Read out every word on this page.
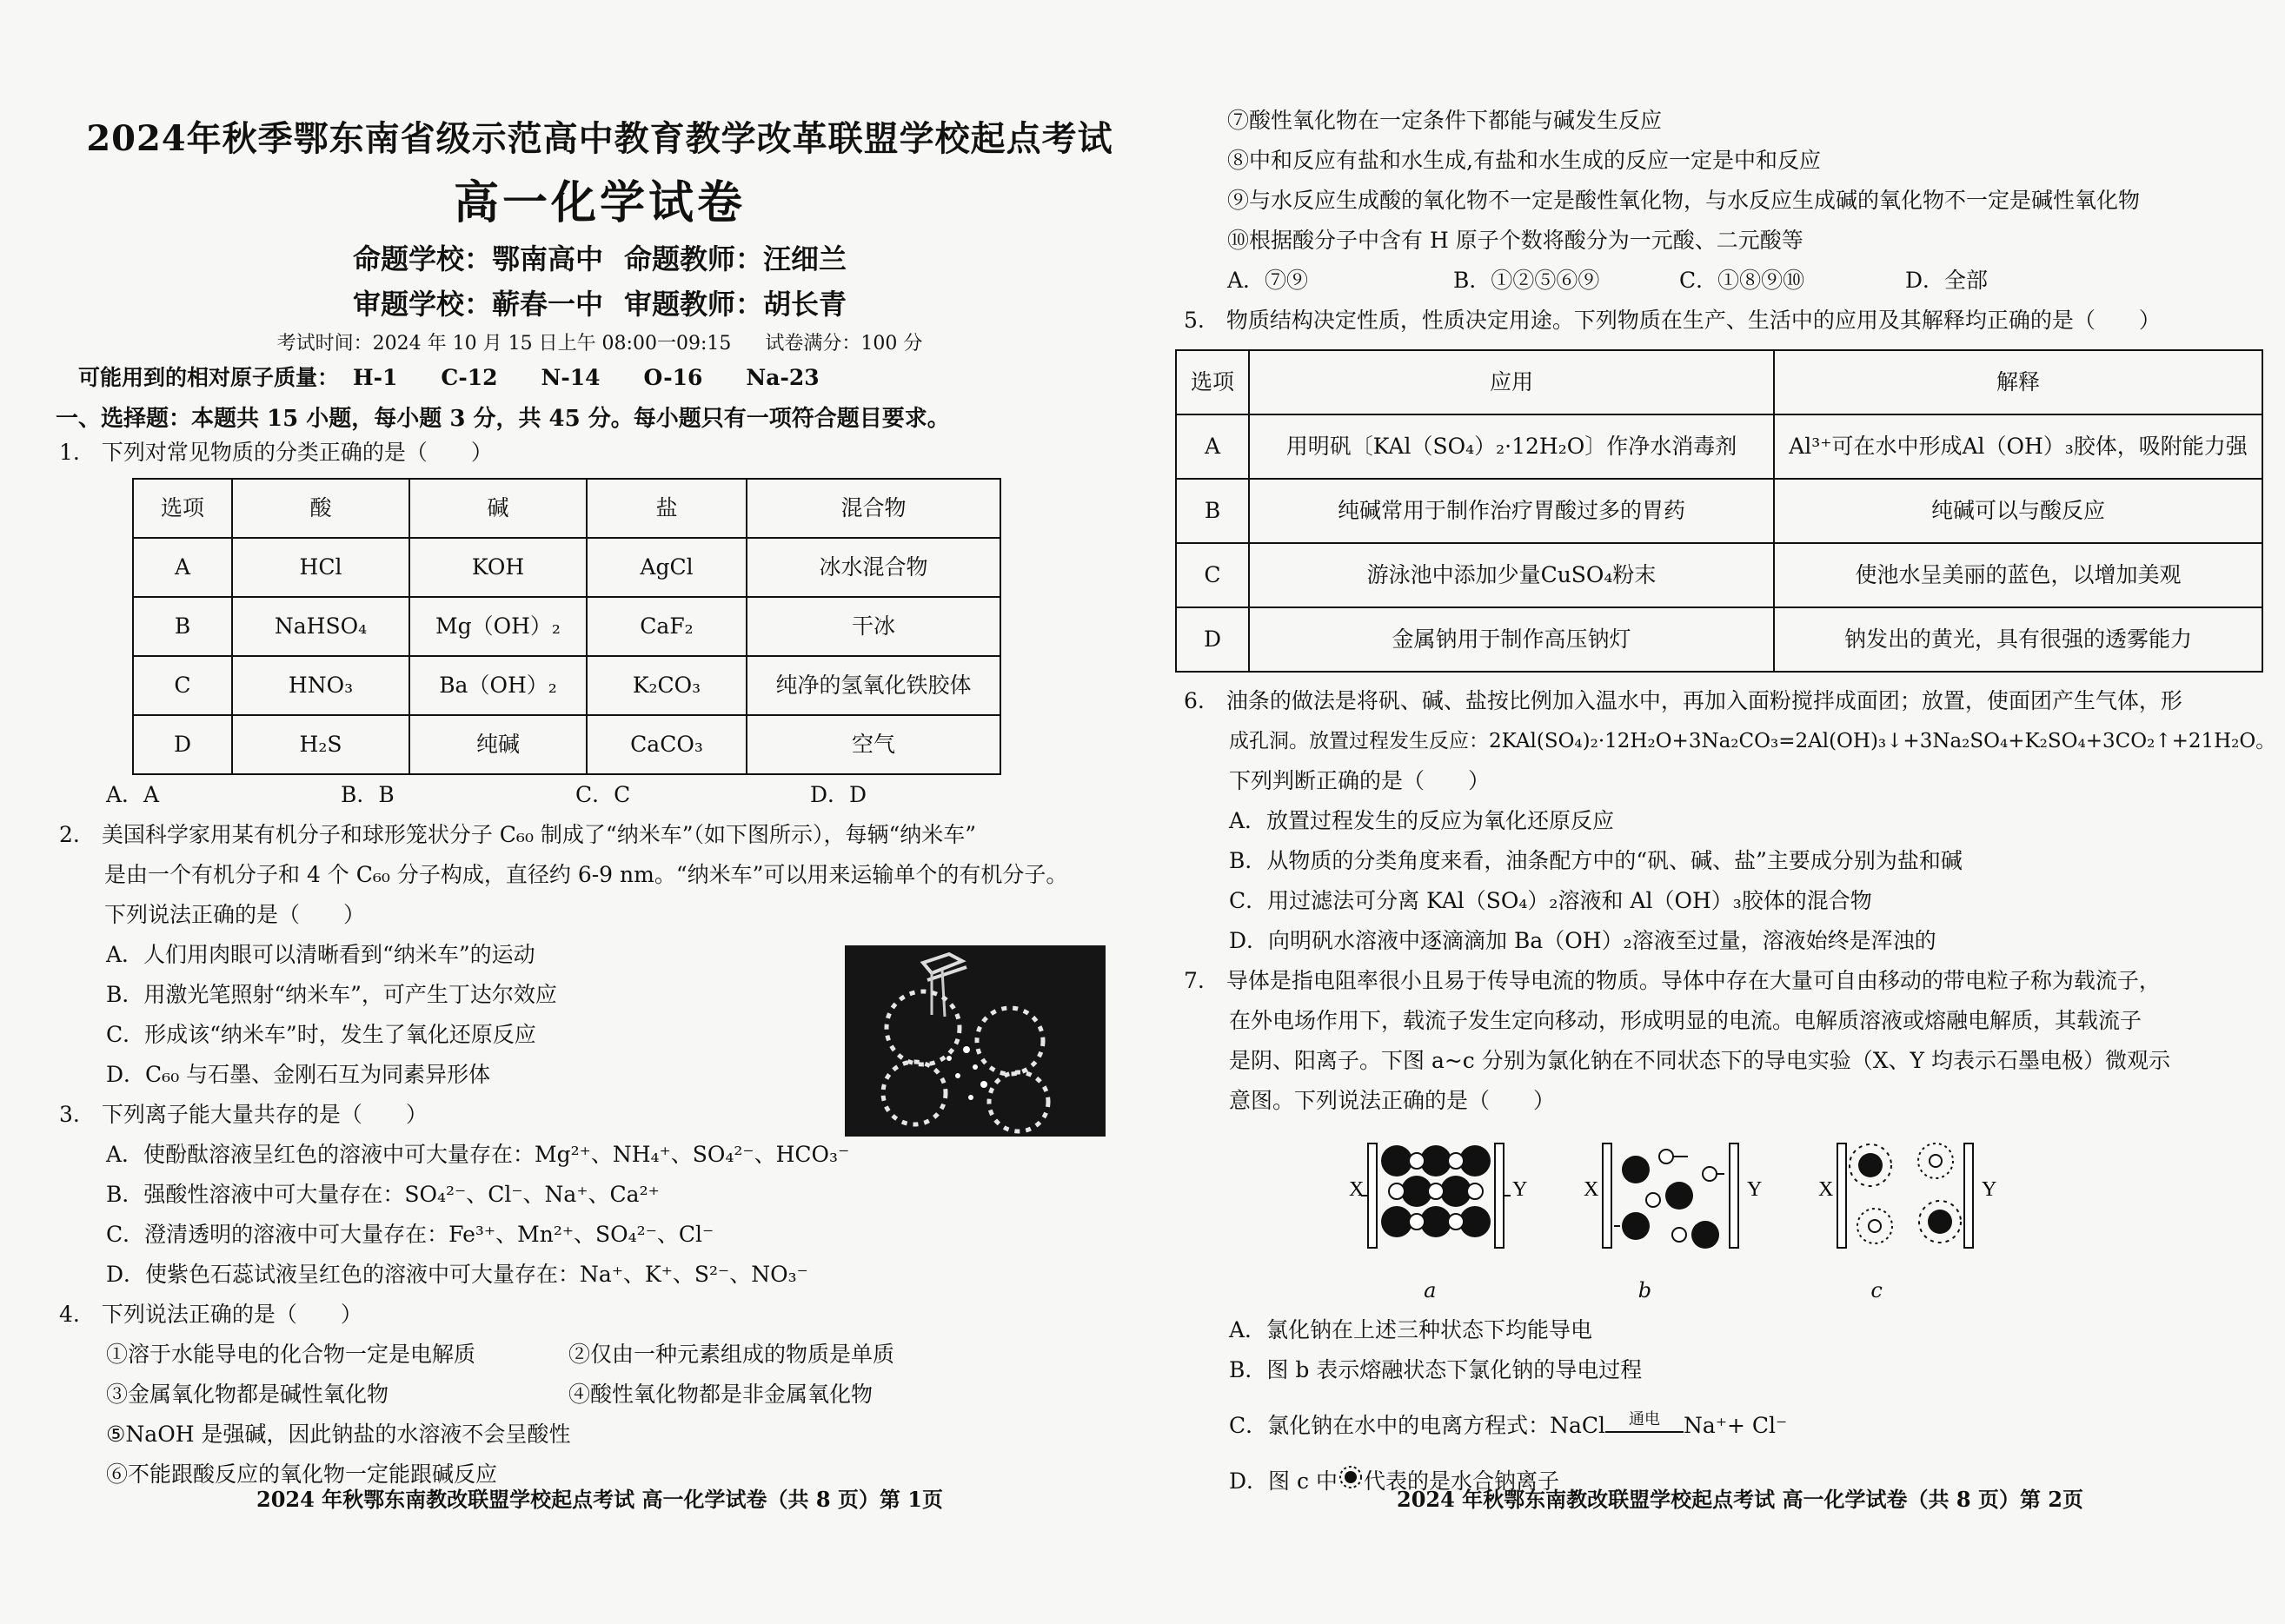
2024年秋季鄂东南省级示范高中教育教学改革联盟学校起点考试
高一化学试卷
命题学校：鄂南高中 命题教师：汪细兰
审题学校：蕲春一中 审题教师：胡长青
考试时间：2024 年 10 月 15 日上午 08:00一09:15 试卷满分：100 分
可能用到的相对原子质量： H-1 C-12 N-14 O-16 Na-23
一、选择题：本题共 15 小题，每小题 3 分，共 45 分。每小题只有一项符合题目要求。
1.　下列对常见物质的分类正确的是（　　）
选项	酸	碱	盐	混合物
A	HCl	KOH	AgCl	冰水混合物
B	NaHSO₄	Mg（OH）₂	CaF₂	干冰
C	HNO₃	Ba（OH）₂	K₂CO₃	纯净的氢氧化铁胶体
D	H₂S	纯碱	CaCO₃	空气
A．A	B．B	C．C	D．D
2.　美国科学家用某有机分子和球形笼状分子 C₆₀ 制成了“纳米车”（如下图所示），每辆“纳米车”
是由一个有机分子和 4 个 C₆₀ 分子构成，直径约 6-9 nm。“纳米车”可以用来运输单个的有机分子。
下列说法正确的是（　　）
A．人们用肉眼可以清晰看到“纳米车”的运动
B．用激光笔照射“纳米车”，可产生丁达尔效应
C．形成该“纳米车”时，发生了氧化还原反应
D．C₆₀ 与石墨、金刚石互为同素异形体
3.　下列离子能大量共存的是（　　）
A．使酚酞溶液呈红色的溶液中可大量存在：Mg²⁺、NH₄⁺、SO₄²⁻、HCO₃⁻
B．强酸性溶液中可大量存在：SO₄²⁻、Cl⁻、Na⁺、Ca²⁺
C．澄清透明的溶液中可大量存在：Fe³⁺、Mn²⁺、SO₄²⁻、Cl⁻
D．使紫色石蕊试液呈红色的溶液中可大量存在：Na⁺、K⁺、S²⁻、NO₃⁻
4.　下列说法正确的是（　　）
①溶于水能导电的化合物一定是电解质	②仅由一种元素组成的物质是单质
③金属氧化物都是碱性氧化物	④酸性氧化物都是非金属氧化物
⑤NaOH 是强碱，因此钠盐的水溶液不会呈酸性
⑥不能跟酸反应的氧化物一定能跟碱反应
2024 年秋鄂东南教改联盟学校起点考试 高一化学试卷（共 8 页）第 1页
⑦酸性氧化物在一定条件下都能与碱发生反应
⑧中和反应有盐和水生成,有盐和水生成的反应一定是中和反应
⑨与水反应生成酸的氧化物不一定是酸性氧化物，与水反应生成碱的氧化物不一定是碱性氧化物
⑩根据酸分子中含有 H 原子个数将酸分为一元酸、二元酸等
A．⑦⑨	B．①②⑤⑥⑨	C．①⑧⑨⑩	D．全部
5.　物质结构决定性质，性质决定用途。下列物质在生产、生活中的应用及其解释均正确的是（　　）
选项	应用	解释
A	用明矾〔KAl（SO₄）₂·12H₂O〕作净水消毒剂	Al³⁺可在水中形成Al（OH）₃胶体，吸附能力强
B	纯碱常用于制作治疗胃酸过多的胃药	纯碱可以与酸反应
C	游泳池中添加少量CuSO₄粉末	使池水呈美丽的蓝色，以增加美观
D	金属钠用于制作高压钠灯	钠发出的黄光，具有很强的透雾能力
6.　油条的做法是将矾、碱、盐按比例加入温水中，再加入面粉搅拌成面团；放置，使面团产生气体，形
成孔洞。放置过程发生反应：2KAl(SO₄)₂·12H₂O+3Na₂CO₃=2Al(OH)₃↓+3Na₂SO₄+K₂SO₄+3CO₂↑+21H₂O。
下列判断正确的是（　　）
A．放置过程发生的反应为氧化还原反应
B．从物质的分类角度来看，油条配方中的“矾、碱、盐”主要成分别为盐和碱
C．用过滤法可分离 KAl（SO₄）₂溶液和 Al（OH）₃胶体的混合物
D．向明矾水溶液中逐滴滴加 Ba（OH）₂溶液至过量，溶液始终是浑浊的
7.　导体是指电阻率很小且易于传导电流的物质。导体中存在大量可自由移动的带电粒子称为载流子，
在外电场作用下，载流子发生定向移动，形成明显的电流。电解质溶液或熔融电解质，其载流子
是阴、阳离子。下图 a~c 分别为氯化钠在不同状态下的导电实验（X、Y 均表示石墨电极）微观示
意图。下列说法正确的是（　　）
X	Y	X	Y	X	Y
a	b	c
A．氯化钠在上述三种状态下均能导电
B．图 b 表示熔融状态下氯化钠的导电过程
C．氯化钠在水中的电离方程式：NaCl	通电	Na⁺+ Cl⁻
D．图 c 中 代表的是水合钠离子
2024 年秋鄂东南教改联盟学校起点考试 高一化学试卷（共 8 页）第 2页
